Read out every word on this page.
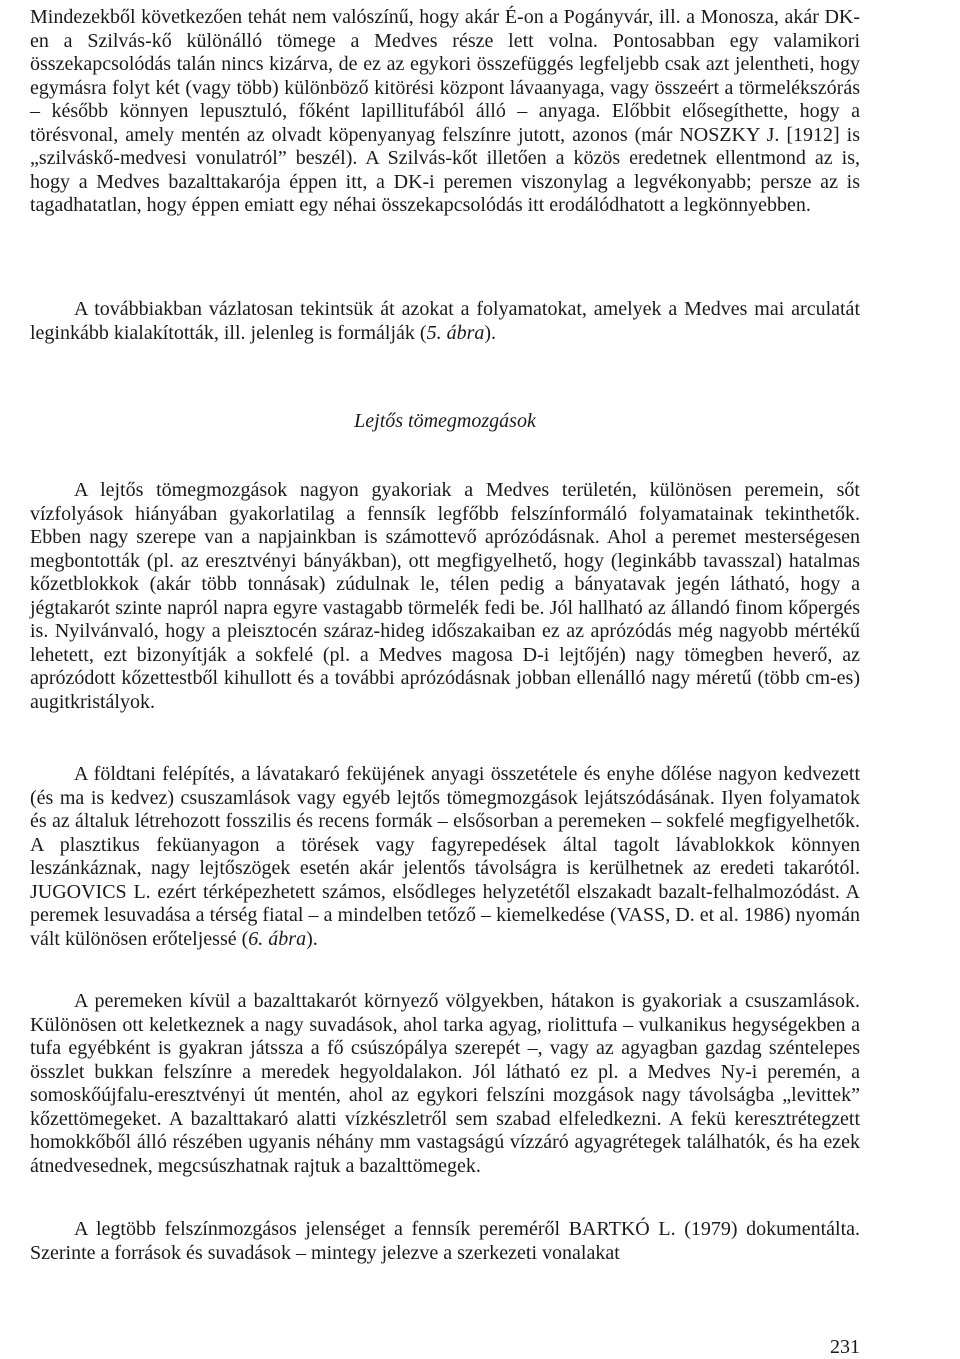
Mindezekből következően tehát nem valószínű, hogy akár É-on a Pogányvár, ill. a Monosza, akár DK-en a Szilvás-kő különálló tömege a Medves része lett volna. Pontosabban egy valamikori összekapcsolódás talán nincs kizárva, de ez az egykori összefüggés legfeljebb csak azt jelentheti, hogy egymásra folyt két (vagy több) különböző kitörési központ lávaanyaga, vagy összeért a törmelékszórás – később könnyen lepusztuló, főként lapillitufából álló – anyaga. Előbbit elősegíthette, hogy a törésvonal, amely mentén az olvadt köpenyanyag felszínre jutott, azonos (már NOSZKY J. [1912] is „szilváskő-medvesi vonulatról” beszél). A Szilvás-kőt illetően a közös eredetnek ellentmond az is, hogy a Medves bazalttakarója éppen itt, a DK-i peremen viszonylag a legvékonyabb; persze az is tagadhatatlan, hogy éppen emiatt egy néhai összekapcsolódás itt erodálódhatott a legkönnyebben.

A továbbiakban vázlatosan tekintsük át azokat a folyamatokat, amelyek a Medves mai arculatát leginkább kialakították, ill. jelenleg is formálják (5. ábra).

Lejtős tömegmozgások

A lejtős tömegmozgások nagyon gyakoriak a Medves területén, különösen peremein, sőt vízfolyások hiányában gyakorlatilag a fennsík legfőbb felszínformáló folyamatainak tekinthetők. Ebben nagy szerepe van a napjainkban is számottevő aprózódásnak. Ahol a peremet mesterségesen megbontották (pl. az eresztvényi bányákban), ott megfigyelhető, hogy (leginkább tavasszal) hatalmas kőzetblokkok (akár több tonnásak) zúdulnak le, télen pedig a bányatavak jegén látható, hogy a jégtakarót szinte napról napra egyre vastagabb törmelék fedi be. Jól hallható az állandó finom kőpergés is. Nyilvánvaló, hogy a pleisztocén száraz-hideg időszakaiban ez az aprózódás még nagyobb mértékű lehetett, ezt bizonyítják a sokfelé (pl. a Medves magosa D-i lejtőjén) nagy tömegben heverő, az aprózódott kőzettestből kihullott és a további aprózódásnak jobban ellenálló nagy méretű (több cm-es) augitkristályok.

A földtani felépítés, a lávatakaró feküjének anyagi összetétele és enyhe dőlése nagyon kedvezett (és ma is kedvez) csuszamlások vagy egyéb lejtős tömegmozgások lejátszódásának. Ilyen folyamatok és az általuk létrehozott fosszilis és recens formák – elsősorban a peremeken – sokfelé megfigyelhetők. A plasztikus feküanyagon a törések vagy fagyrepedések által tagolt lávablokkok könnyen leszánkáznak, nagy lejtőszögek esetén akár jelentős távolságra is kerülhetnek az eredeti takarótól. JUGOVICS L. ezért térképezhetett számos, elsődleges helyzetétől elszakadt bazalt-felhalmozódást. A peremek lesuvadása a térség fiatal – a mindelben tetőző – kiemelkedése (VASS, D. et al. 1986) nyomán vált különösen erőteljessé (6. ábra).

A peremeken kívül a bazalttakarót környező völgyekben, hátakon is gyakoriak a csuszamlások. Különösen ott keletkeznek a nagy suvadások, ahol tarka agyag, riolittufa – vulkanikus hegységekben a tufa egyébként is gyakran játssza a fő csúszópálya szerepét –, vagy az agyagban gazdag széntelepes összlet bukkan felszínre a meredek hegyoldalakon. Jól látható ez pl. a Medves Ny-i peremén, a somoskőújfalu-eresztvényi út mentén, ahol az egykori felszíni mozgások nagy távolságba „levittek” kőzettömegeket. A bazalttakaró alatti vízkészletről sem szabad elfeledkezni. A fekü keresztrétegzett homokkőből álló részében ugyanis néhány mm vastagságú vízzáró agyagrétegek találhatók, és ha ezek átnedvesednek, megcsúszhatnak rajtuk a bazalttömegek.

A legtöbb felszínmozgásos jelenséget a fennsík pereméről BARTKÓ L. (1979) dokumentálta. Szerinte a források és suvadások – mintegy jelezve a szerkezeti vonalakat

231
